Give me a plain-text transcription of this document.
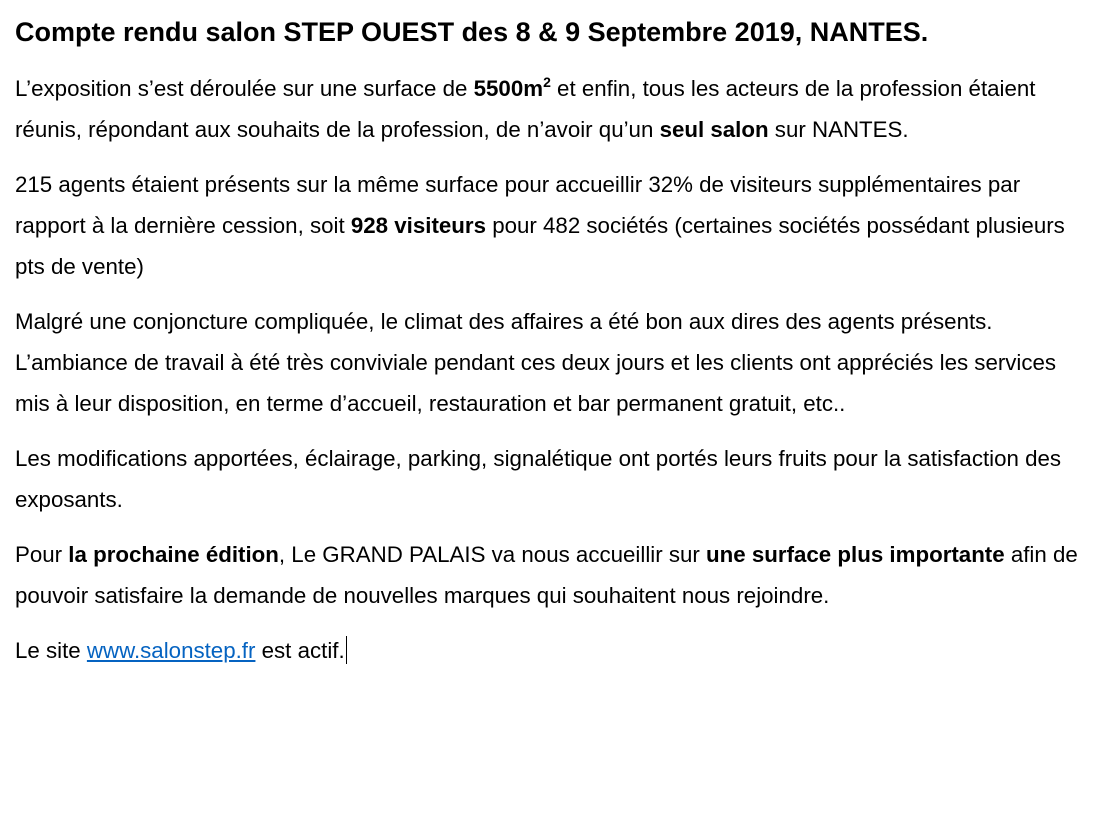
Compte rendu salon STEP OUEST des 8 & 9 Septembre 2019, NANTES.

L’exposition s’est déroulée sur une surface de $5500m^2$ et enfin, tous les acteurs de la profession étaient réunis, répondant aux souhaits de la profession, de n’avoir qu’un seul salon sur NANTES.

215 agents étaient présents sur la même surface pour accueillir 32% de visiteurs supplémentaires par rapport à la dernière cession, soit 928 visiteurs pour 482 sociétés (certaines sociétés possédant plusieurs pts de vente)

Malgré une conjoncture compliquée, le climat des affaires a été bon aux dires des agents présents. L’ambiance de travail à été très conviviale pendant ces deux jours et les clients ont appréciés les services mis à leur disposition, en terme d’accueil, restauration et bar permanent gratuit, etc..

Les modifications apportées, éclairage, parking, signalétique ont portés leurs fruits pour la satisfaction des exposants.

Pour la prochaine édition, Le GRAND PALAIS va nous accueillir sur une surface plus importante afin de pouvoir satisfaire la demande de nouvelles marques qui souhaitent nous rejoindre.

Le site www.salonstep.fr est actif.
